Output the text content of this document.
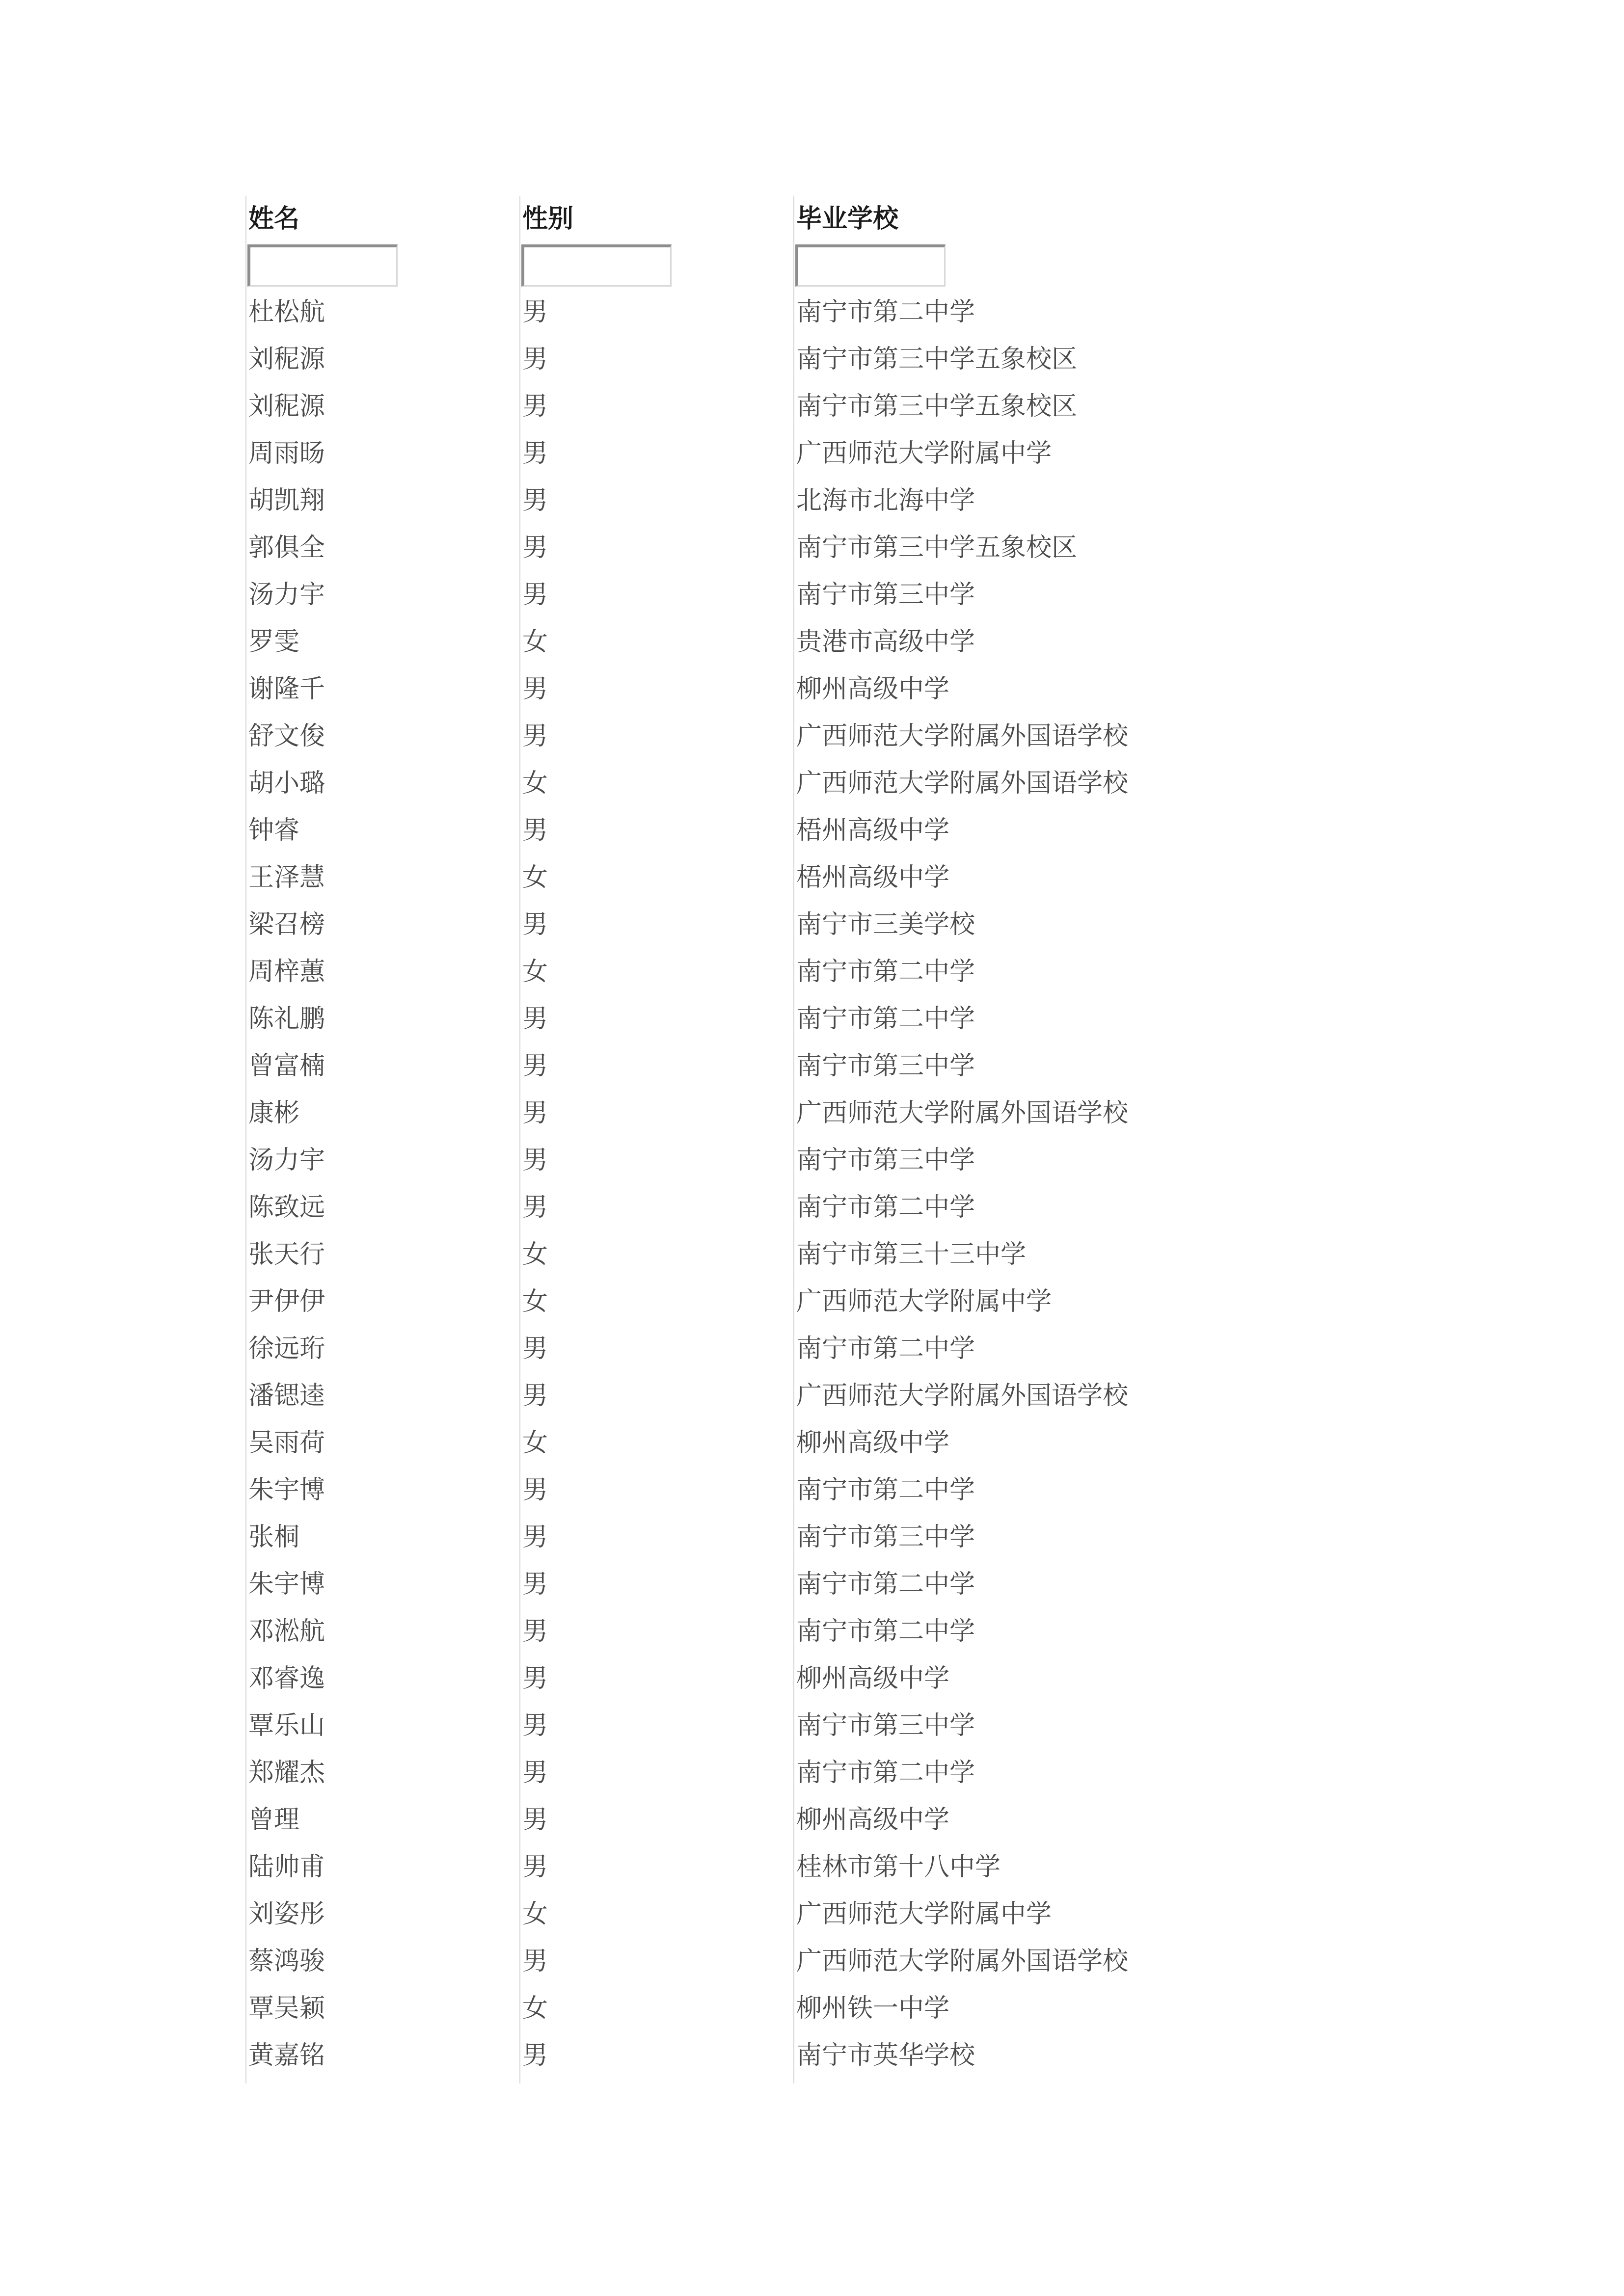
姓名	性别	毕业学校
杜松航	男	南宁市第二中学
刘秜源	男	南宁市第三中学五象校区
刘秜源	男	南宁市第三中学五象校区
周雨旸	男	广西师范大学附属中学
胡凯翔	男	北海市北海中学
郭俱全	男	南宁市第三中学五象校区
汤力宇	男	南宁市第三中学
罗雯	女	贵港市高级中学
谢隆千	男	柳州高级中学
舒文俊	男	广西师范大学附属外国语学校
胡小璐	女	广西师范大学附属外国语学校
钟睿	男	梧州高级中学
王泽慧	女	梧州高级中学
梁召榜	男	南宁市三美学校
周梓蕙	女	南宁市第二中学
陈礼鹏	男	南宁市第二中学
曾富楠	男	南宁市第三中学
康彬	男	广西师范大学附属外国语学校
汤力宇	男	南宁市第三中学
陈致远	男	南宁市第二中学
张天行	女	南宁市第三十三中学
尹伊伊	女	广西师范大学附属中学
徐远珩	男	南宁市第二中学
潘锶逵	男	广西师范大学附属外国语学校
吴雨荷	女	柳州高级中学
朱宇博	男	南宁市第二中学
张桐	男	南宁市第三中学
朱宇博	男	南宁市第二中学
邓淞航	男	南宁市第二中学
邓睿逸	男	柳州高级中学
覃乐山	男	南宁市第三中学
郑耀杰	男	南宁市第二中学
曾理	男	柳州高级中学
陆帅甫	男	桂林市第十八中学
刘姿彤	女	广西师范大学附属中学
蔡鸿骏	男	广西师范大学附属外国语学校
覃吴颖	女	柳州铁一中学
黄嘉铭	男	南宁市英华学校
